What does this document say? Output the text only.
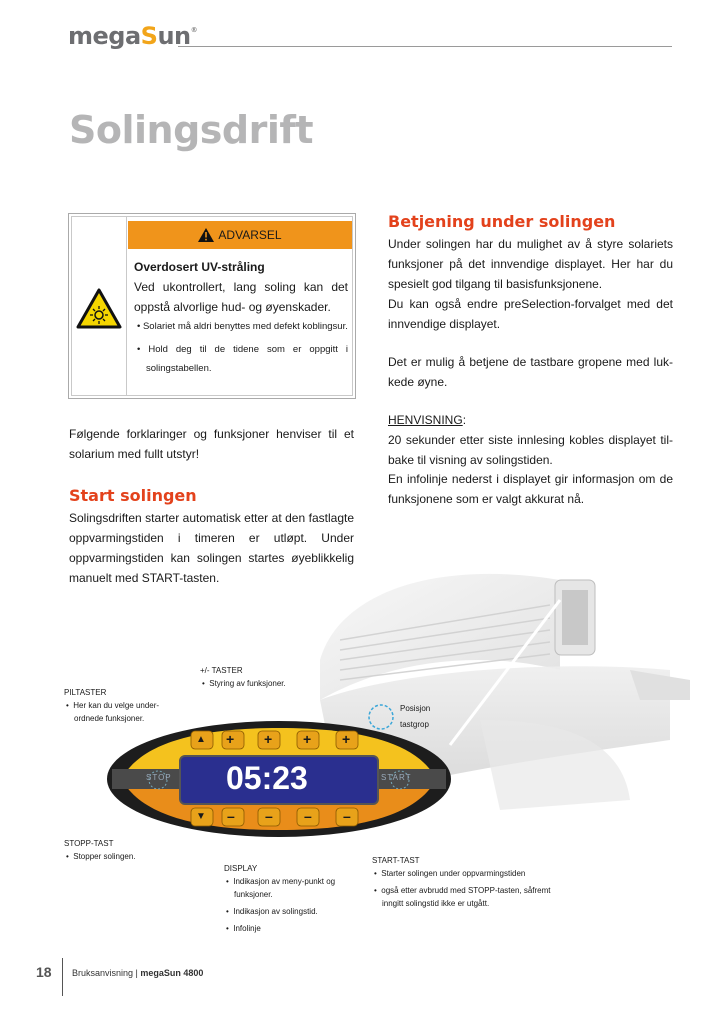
megaSun®
Solingsdrift
ADVARSEL
Overdosert UV-stråling
Ved ukontrollert, lang soling kan det oppstå alvorlige hud- og øyenskader.
• Solariet må aldri benyttes med defekt koblingsur.
• Hold deg til de tidene som er oppgitt i solingstabellen.
Følgende forklaringer og funksjoner henviser til et solarium med fullt utstyr!
Start solingen
Solingsdriften starter automatisk etter at den fastlagte oppvarmingstiden i timeren er utløpt. Under oppvarmingstiden kan solingen startes øyeblikkelig manuelt med START-tasten.
Betjening under solingen
Under solingen har du mulighet av å styre solariets funksjoner på det innvendige displayet. Her har du spesielt god tilgang til basisfunksjonene.
Du kan også endre preSelection-forvalget med det innvendige displayet.
Det er mulig å betjene de tastbare gropene med lukkede øyne.
HENVISNING:
20 sekunder etter siste innlesing kobles displayet tilbake til visning av solingstiden.
En infolinje nederst i displayet gir informasjon om de funksjonene som er valgt akkurat nå.
▲ + + + +
▼ – – – –
STOP	START
05:23
+/- TASTER
•  Styring av funksjoner.
PILTASTER
•  Her kan du velge underordnede funksjoner.
Posisjon
tastgrop
STOPP-TAST
•  Stopper solingen.
DISPLAY
•  Indikasjon av meny-punkt og funksjoner.
•  Indikasjon av solingstid.
•  Infolinje
START-TAST
•  Starter solingen under oppvarmingstiden
•  også etter avbrudd med STOPP-tasten, såfremt inngitt solingstid ikke er utgått.
18 Bruksanvisning | megaSun 4800
